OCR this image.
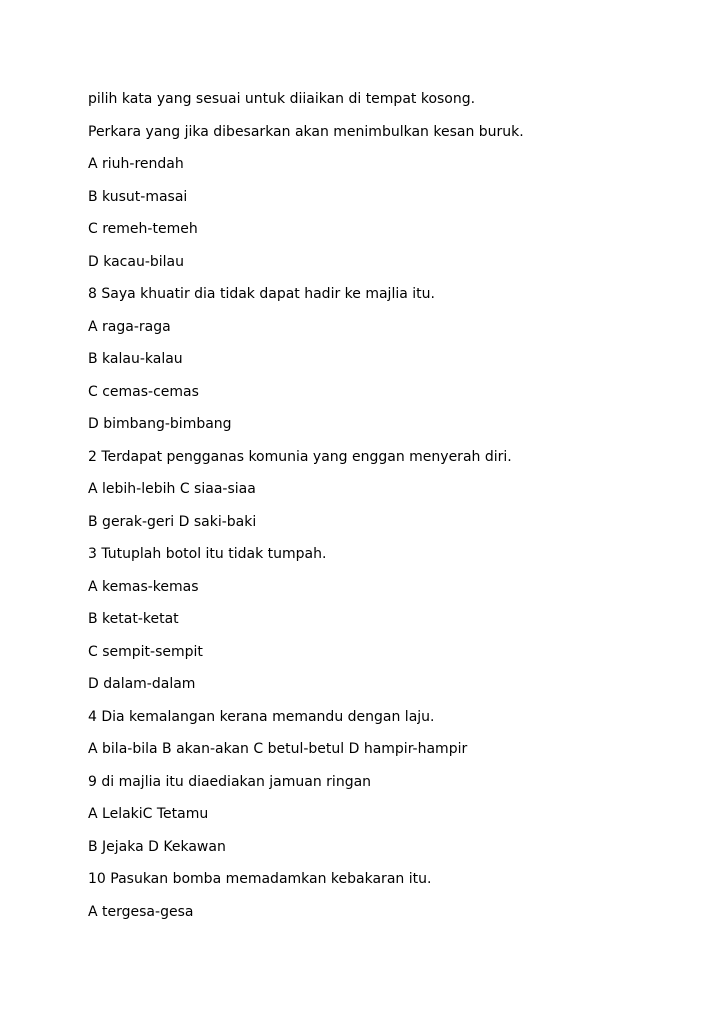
pilih kata yang sesuai untuk diiaikan di tempat kosong.
Perkara yang jika dibesarkan akan menimbulkan kesan buruk.
A riuh-rendah
B kusut-masai
C remeh-temeh
D kacau-bilau
8 Saya khuatir dia tidak dapat hadir ke majlia itu.
A raga-raga
B kalau-kalau
C cemas-cemas
D bimbang-bimbang
2 Terdapat pengganas komunia yang enggan menyerah diri.
A lebih-lebih C siaa-siaa
B gerak-geri D saki-baki
3 Tutuplah botol itu tidak tumpah.
A kemas-kemas
B ketat-ketat
C sempit-sempit
D dalam-dalam
4 Dia kemalangan kerana memandu dengan laju.
A bila-bila B akan-akan C betul-betul D hampir-hampir
9 di majlia itu diaediakan jamuan ringan
A LelakiC Tetamu
B Jejaka D Kekawan
10 Pasukan bomba memadamkan kebakaran itu.
A tergesa-gesa
